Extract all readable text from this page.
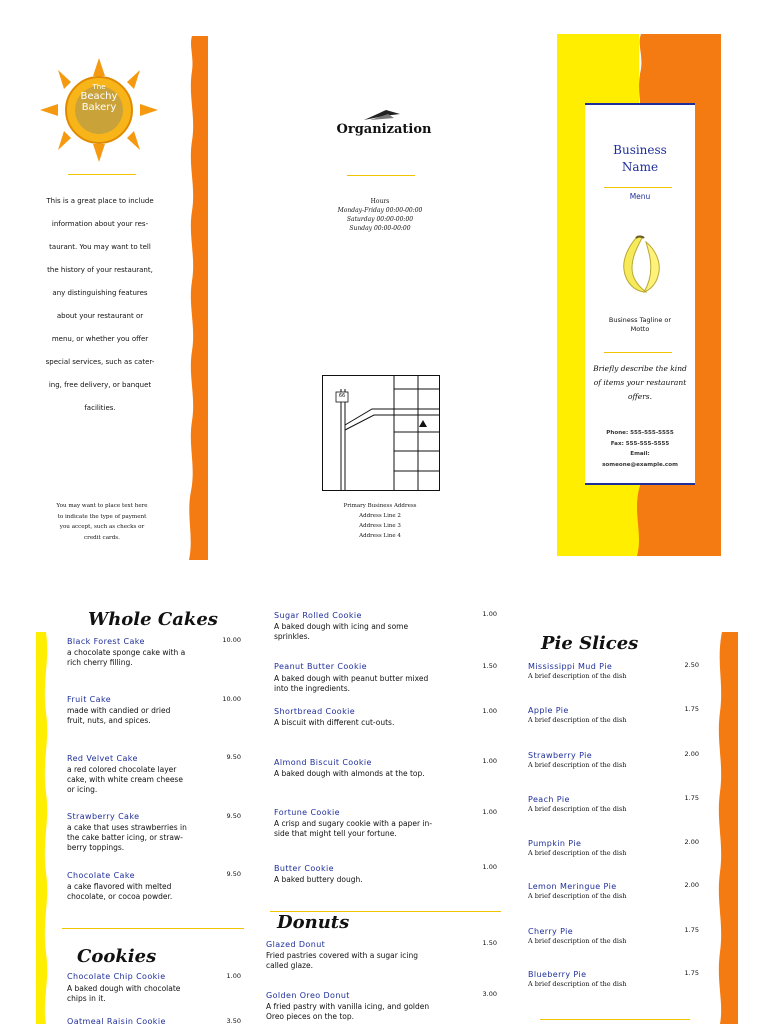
The
Beachy
Bakery
This is a great place to include
information about your res-
taurant. You may want to tell
the history of your restaurant,
any distinguishing features
about your restaurant or
menu, or whether you offer
special services, such as cater-
ing, free delivery, or banquet
facilities.
You may want to place text here
to indicate the type of payment
you accept, such as checks or
credit cards.
Organization
Hours
Monday-Friday 00:00-00:00
Saturday 00:00-00:00
Sunday 00:00-00:00
66
Primary Business Address
Address Line 2
Address Line 3
Address Line 4
Business
Name
Menu
Business Tagline or
Motto
Briefly describe the kind
of items your restaurant
offers.
Phone: 555-555-5555
Fax: 555-555-5555
Email:
someone@example.com
Whole Cakes
Black Forest Cake	10.00
a chocolate sponge cake with a
rich cherry filling.
Fruit Cake	10.00
made with candied or dried
fruit, nuts, and spices.
Red Velvet Cake	9.50
a red colored chocolate layer
cake, with white cream cheese
or icing.
Strawberry Cake	9.50
a cake that uses strawberries in
the cake batter icing, or straw-
berry toppings.
Chocolate Cake	9.50
a cake flavored with melted
chocolate, or cocoa powder.
Cookies
Chocolate Chip Cookie	1.00
A baked dough with chocolate
chips in it.
Oatmeal Raisin Cookie	3.50
Sugar Rolled Cookie	1.00
A baked dough with icing and some
sprinkles.
Peanut Butter Cookie	1.50
A baked dough with peanut butter mixed
into the ingredients.
Shortbread Cookie	1.00
A biscuit with different cut-outs.
Almond Biscuit Cookie	1.00
A baked dough with almonds at the top.
Fortune Cookie	1.00
A crisp and sugary cookie with a paper in-
side that might tell your fortune.
Butter Cookie	1.00
A baked buttery dough.
Donuts
Glazed Donut	1.50
Fried pastries covered with a sugar icing
called glaze.
Golden Oreo Donut	3.00
A fried pastry with vanilla icing, and golden
Oreo pieces on the top.
Pie Slices
Mississippi Mud Pie	2.50
A brief description of the dish
Apple Pie	1.75
A brief description of the dish
Strawberry Pie	2.00
A brief description of the dish
Peach Pie	1.75
A brief description of the dish
Pumpkin Pie	2.00
A brief description of the dish
Lemon Meringue Pie	2.00
A brief description of the dish
Cherry Pie	1.75
A brief description of the dish
Blueberry Pie	1.75
A brief description of the dish
